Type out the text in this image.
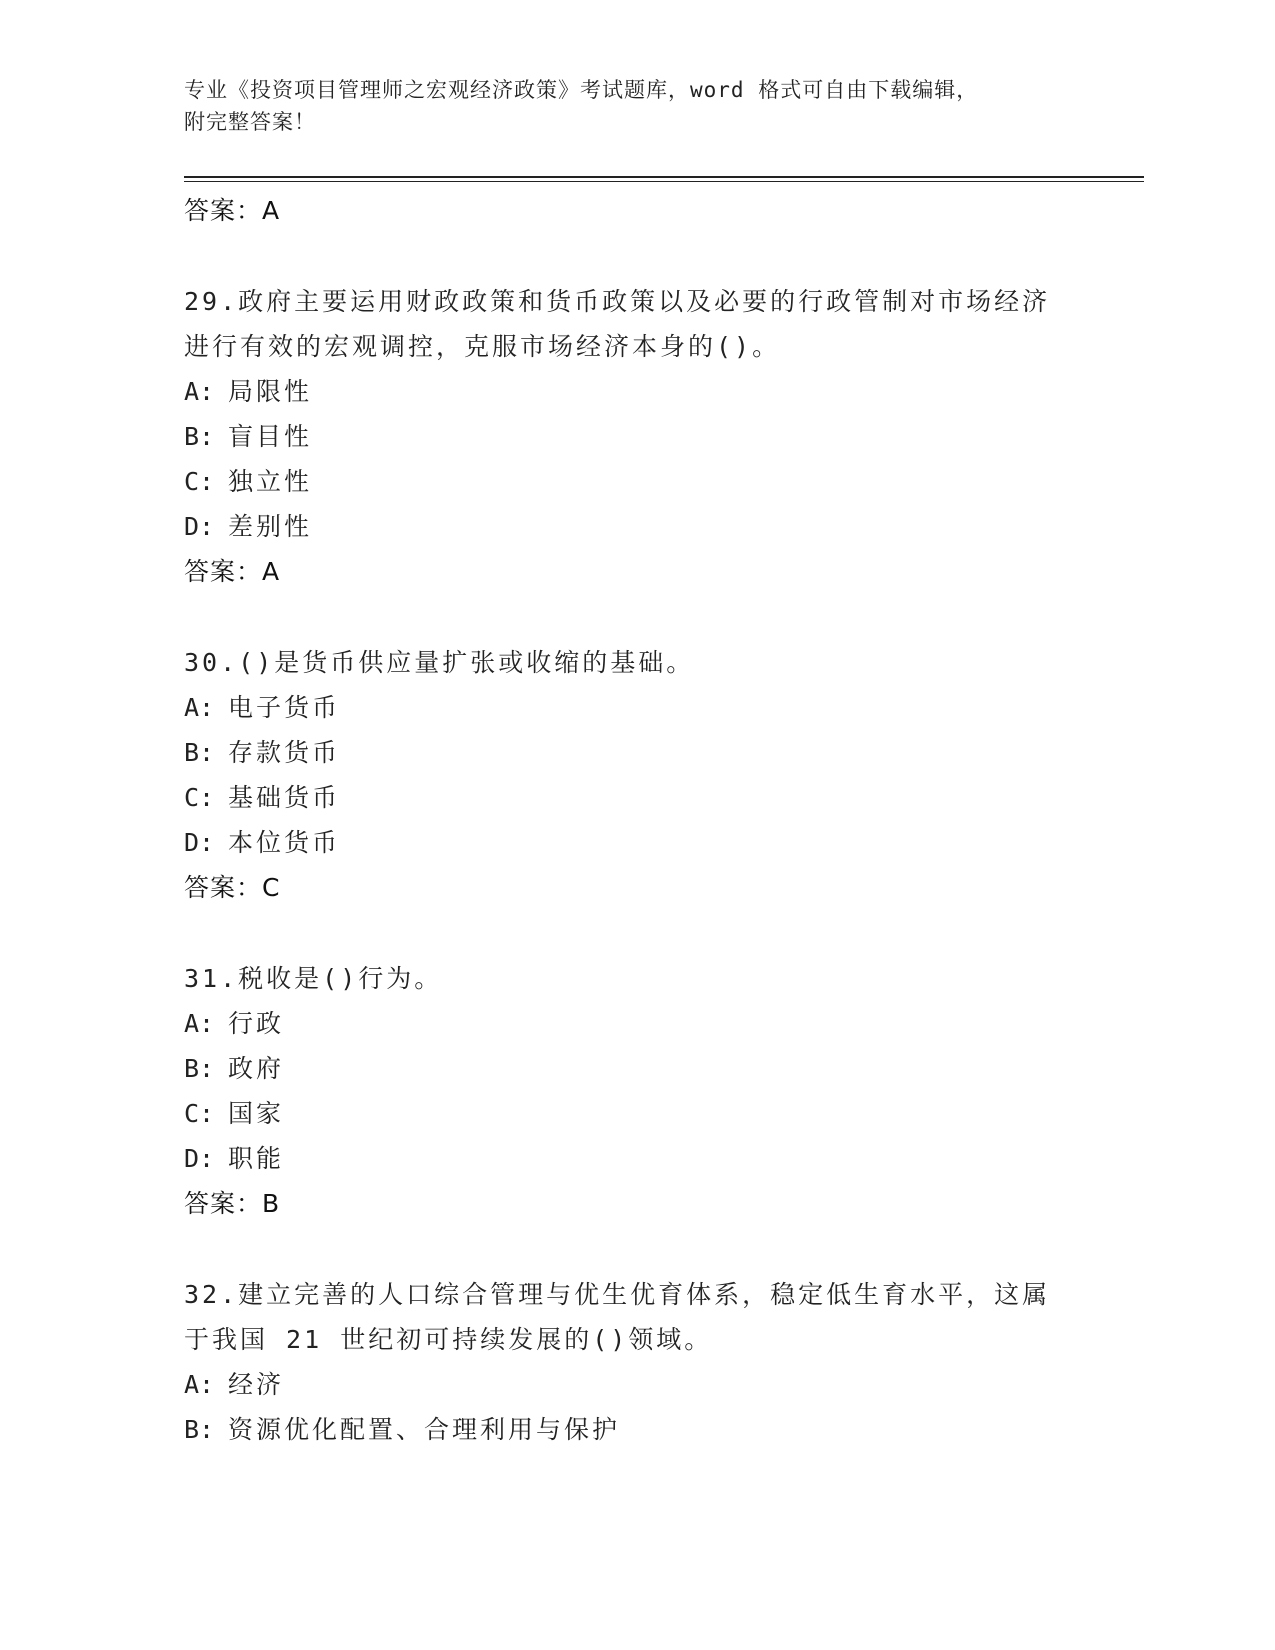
专业《投资项目管理师之宏观经济政策》考试题库，word 格式可自由下载编辑，
附完整答案！
答案：A
29.政府主要运用财政政策和货币政策以及必要的行政管制对市场经济
进行有效的宏观调控，克服市场经济本身的()。
A: 局限性
B: 盲目性
C: 独立性
D: 差别性
答案：A
30.()是货币供应量扩张或收缩的基础。
A: 电子货币
B: 存款货币
C: 基础货币
D: 本位货币
答案：C
31.税收是()行为。
A: 行政
B: 政府
C: 国家
D: 职能
答案：B
32.建立完善的人口综合管理与优生优育体系，稳定低生育水平，这属
于我国 21 世纪初可持续发展的()领域。
A: 经济
B: 资源优化配置、合理利用与保护
